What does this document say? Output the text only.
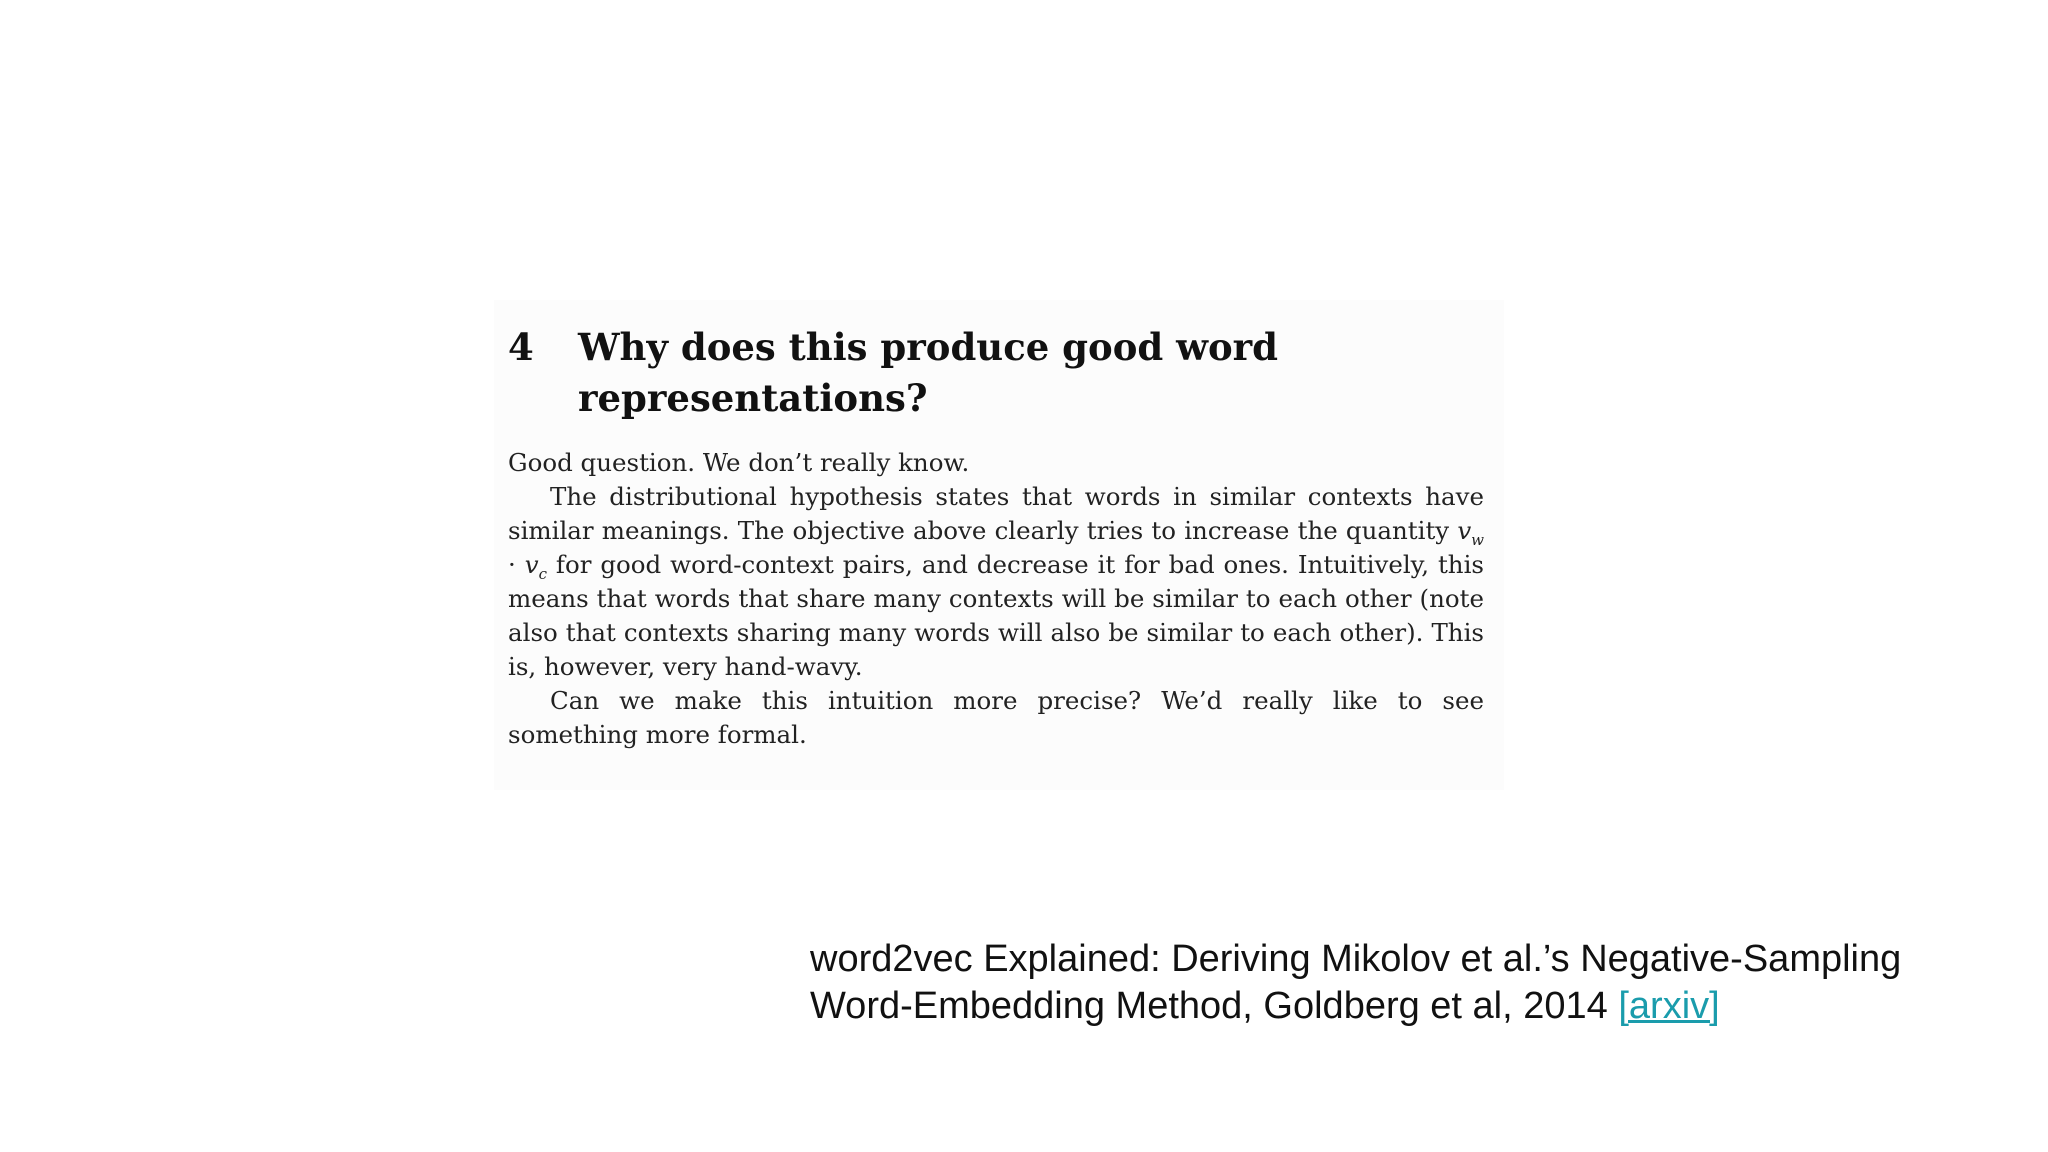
4 Why does this produce good word representations?

Good question. We don’t really know.

The distributional hypothesis states that words in similar contexts have similar meanings. The objective above clearly tries to increase the quantity $v_w \cdot v_c$ for good word-context pairs, and decrease it for bad ones. Intuitively, this means that words that share many contexts will be similar to each other (note also that contexts sharing many words will also be similar to each other). This is, however, very hand-wavy.

Can we make this intuition more precise? We’d really like to see something more formal.

word2vec Explained: Deriving Mikolov et al.’s Negative-Sampling
Word-Embedding Method, Goldberg et al, 2014 [arxiv]
